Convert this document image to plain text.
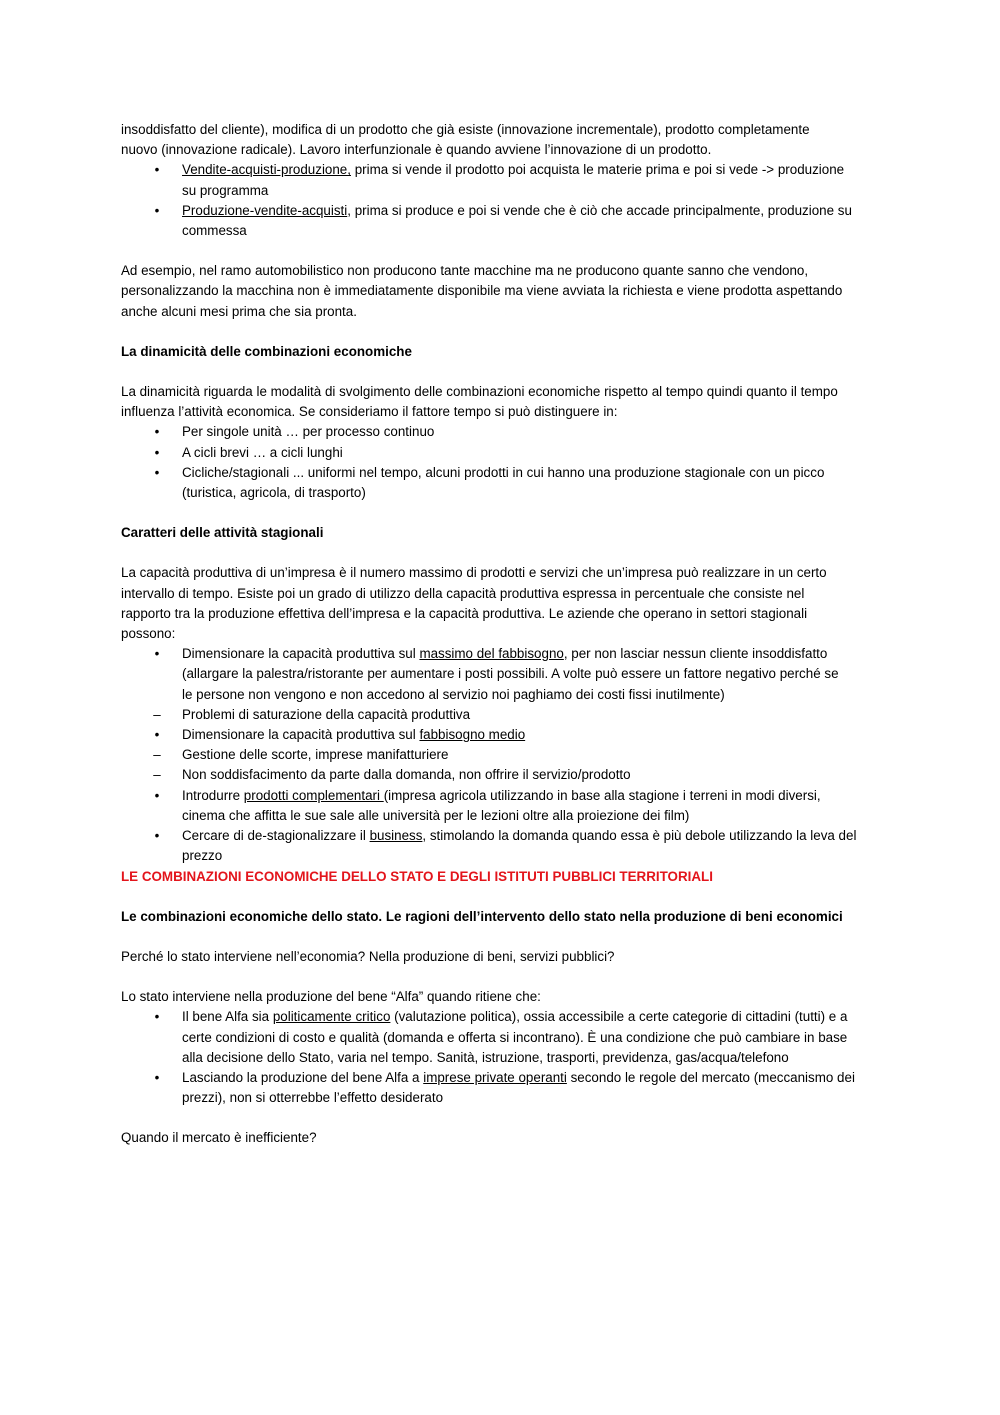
insoddisfatto del cliente), modifica di un prodotto che già esiste (innovazione incrementale), prodotto completamente
nuovo (innovazione radicale). Lavoro interfunzionale è quando avviene l’innovazione di un prodotto.

•	Vendite-acquisti-produzione, prima si vende il prodotto poi acquista le materie prima e poi si vede -> produzione
su programma
•	Produzione-vendite-acquisti, prima si produce e poi si vende che è ciò che accade principalmente, produzione su
commessa

Ad esempio, nel ramo automobilistico non producono tante macchine ma ne producono quante sanno che vendono,
personalizzando la macchina non è immediatamente disponibile ma viene avviata la richiesta e viene prodotta aspettando
anche alcuni mesi prima che sia pronta.

La dinamicità delle combinazioni economiche

La dinamicità riguarda le modalità di svolgimento delle combinazioni economiche rispetto al tempo quindi quanto il tempo
influenza l’attività economica. Se consideriamo il fattore tempo si può distinguere in:

•	Per singole unità … per processo continuo
•	A cicli brevi … a cicli lunghi
•	Cicliche/stagionali ... uniformi nel tempo, alcuni prodotti in cui hanno una produzione stagionale con un picco
(turistica, agricola, di trasporto)
Caratteri delle attività stagionali

La capacità produttiva di un’impresa è il numero massimo di prodotti e servizi che un’impresa può realizzare in un certo
intervallo di tempo. Esiste poi un grado di utilizzo della capacità produttiva espressa in percentuale che consiste nel
rapporto tra la produzione effettiva dell’impresa e la capacità produttiva. Le aziende che operano in settori stagionali
possono:

•	Dimensionare la capacità produttiva sul massimo del fabbisogno, per non lasciar nessun cliente insoddisfatto
(allargare la palestra/ristorante per aumentare i posti possibili. A volte può essere un fattore negativo perché se
le persone non vengono e non accedono al servizio noi paghiamo dei costi fissi inutilmente)
– Problemi di saturazione della capacità produttiva
•	Dimensionare la capacità produttiva sul fabbisogno medio
– Gestione delle scorte, imprese manifatturiere
– Non soddisfacimento da parte dalla domanda, non offrire il servizio/prodotto
•	Introdurre prodotti complementari (impresa agricola utilizzando in base alla stagione i terreni in modi diversi,
cinema che affitta le sue sale alle università per le lezioni oltre alla proiezione dei film)
•	Cercare di de-stagionalizzare il business, stimolando la domanda quando essa è più debole utilizzando la leva del
prezzo
LE COMBINAZIONI ECONOMICHE DELLO STATO E DEGLI ISTITUTI PUBBLICI TERRITORIALI
Le combinazioni economiche dello stato. Le ragioni dell’intervento dello stato nella produzione di beni economici

Perché lo stato interviene nell’economia? Nella produzione di beni, servizi pubblici?

Lo stato interviene nella produzione del bene “Alfa” quando ritiene che:

•	Il bene Alfa sia politicamente critico (valutazione politica), ossia accessibile a certe categorie di cittadini (tutti) e a
certe condizioni di costo e qualità (domanda e offerta si incontrano). È una condizione che può cambiare in base
alla decisione dello Stato, varia nel tempo. Sanità, istruzione, trasporti, previdenza, gas/acqua/telefono
•	Lasciando la produzione del bene Alfa a imprese private operanti secondo le regole del mercato (meccanismo dei
prezzi), non si otterrebbe l’effetto desiderato

Quando il mercato è inefficiente?
